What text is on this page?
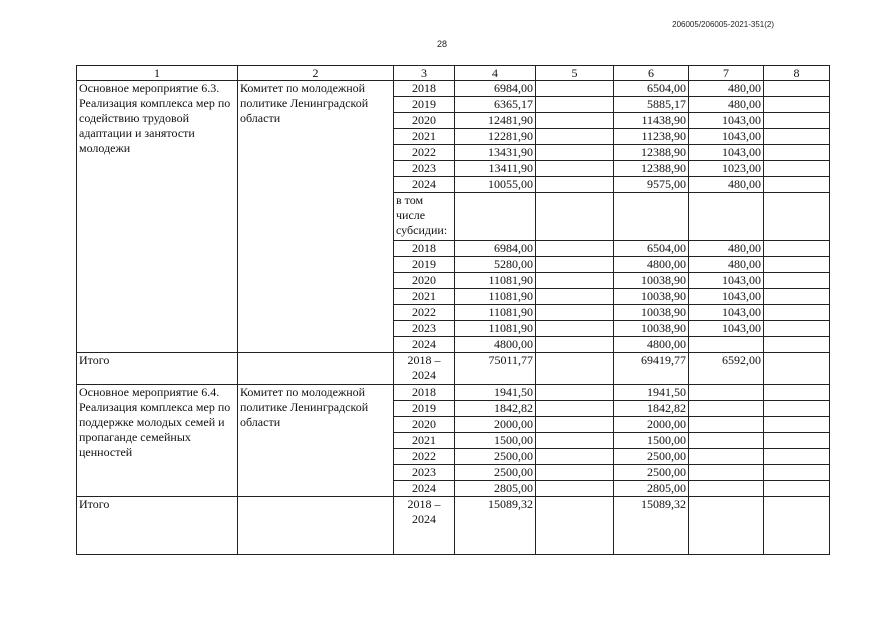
206005/206005-2021-351(2)
28
1	2	3	4	5	6	7	8
Основное мероприятие 6.3. Реализация комплекса мер по содействию трудовой адаптации и занятости молодежи	Комитет по молодежной политике Ленинградской области	2018	6984,00		6504,00	480,00	
		2019	6365,17		5885,17	480,00	
		2020	12481,90		11438,90	1043,00	
		2021	12281,90		11238,90	1043,00	
		2022	13431,90		12388,90	1043,00	
		2023	13411,90		12388,90	1023,00	
		2024	10055,00		9575,00	480,00	
		в том числе субсидии:					
		2018	6984,00		6504,00	480,00	
		2019	5280,00		4800,00	480,00	
		2020	11081,90		10038,90	1043,00	
		2021	11081,90		10038,90	1043,00	
		2022	11081,90		10038,90	1043,00	
		2023	11081,90		10038,90	1043,00	
		2024	4800,00		4800,00		
Итого		2018 – 2024	75011,77		69419,77	6592,00	
Основное мероприятие 6.4. Реализация комплекса мер по поддержке молодых семей и пропаганде семейных ценностей	Комитет по молодежной политике Ленинградской области	2018	1941,50		1941,50		
		2019	1842,82		1842,82		
		2020	2000,00		2000,00		
		2021	1500,00		1500,00		
		2022	2500,00		2500,00		
		2023	2500,00		2500,00		
		2024	2805,00		2805,00		
Итого		2018 – 2024	15089,32		15089,32		
